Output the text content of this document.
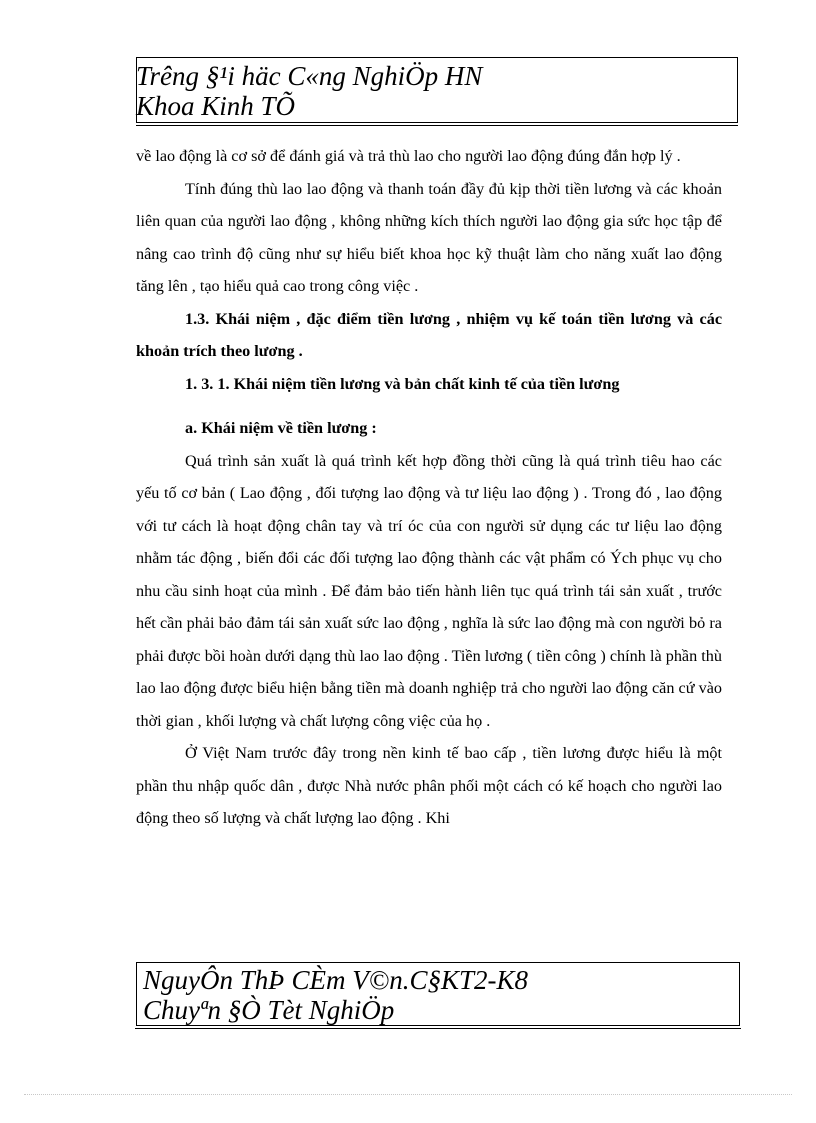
Trêng §¹i häc C«ng NghiÖp HN
Khoa Kinh TÕ

về lao động là cơ sở để đánh giá và trả thù lao cho người lao động đúng đắn hợp lý .

Tính đúng thù lao lao động và thanh toán đầy đủ kịp thời tiền lương và các khoản liên quan của người lao động , không những kích thích người lao động gia sức học tập để nâng cao trình độ cũng như sự hiểu biết khoa học kỹ thuật làm cho năng xuất lao động tăng lên , tạo hiểu quả cao trong công việc .

1.3. Khái niệm , đặc điểm tiền lương , nhiệm vụ kế toán tiền lương và các khoản trích theo lương .

1. 3. 1. Khái niệm tiền lương và bản chất kinh tế của tiền lương

a. Khái niệm về tiền lương :

Quá trình sản xuất là quá trình kết hợp đồng thời cũng là quá trình tiêu hao các yếu tố cơ bản ( Lao động , đối tượng lao động và tư liệu lao động ) . Trong đó , lao động với tư cách là hoạt động chân tay và trí óc của con người sử dụng các tư liệu lao động nhằm tác động , biến đổi các đối tượng lao động thành các vật phẩm có Ých phục vụ cho nhu cầu sinh hoạt của mình . Để đảm bảo tiến hành liên tục quá trình tái sản xuất , trước hết cần phải bảo đảm tái sản xuất sức lao động , nghĩa là sức lao động mà con người bỏ ra phải được bồi hoàn dưới dạng thù lao lao động . Tiền lương ( tiền công ) chính là phần thù lao lao động được biểu hiện bằng tiền mà doanh nghiệp trả cho người lao động căn cứ vào thời gian , khối lượng và chất lượng công việc của họ .

Ở Việt Nam trước đây trong nền kinh tế bao cấp , tiền lương được hiểu là một phần thu nhập quốc dân , được Nhà nước phân phối một cách có kế hoạch cho người lao động theo số lượng và chất lượng lao động . Khi

NguyÔn ThÞ CÈm V©n.C§KT2-K8
Chuyªn §Ò Tèt NghiÖp
